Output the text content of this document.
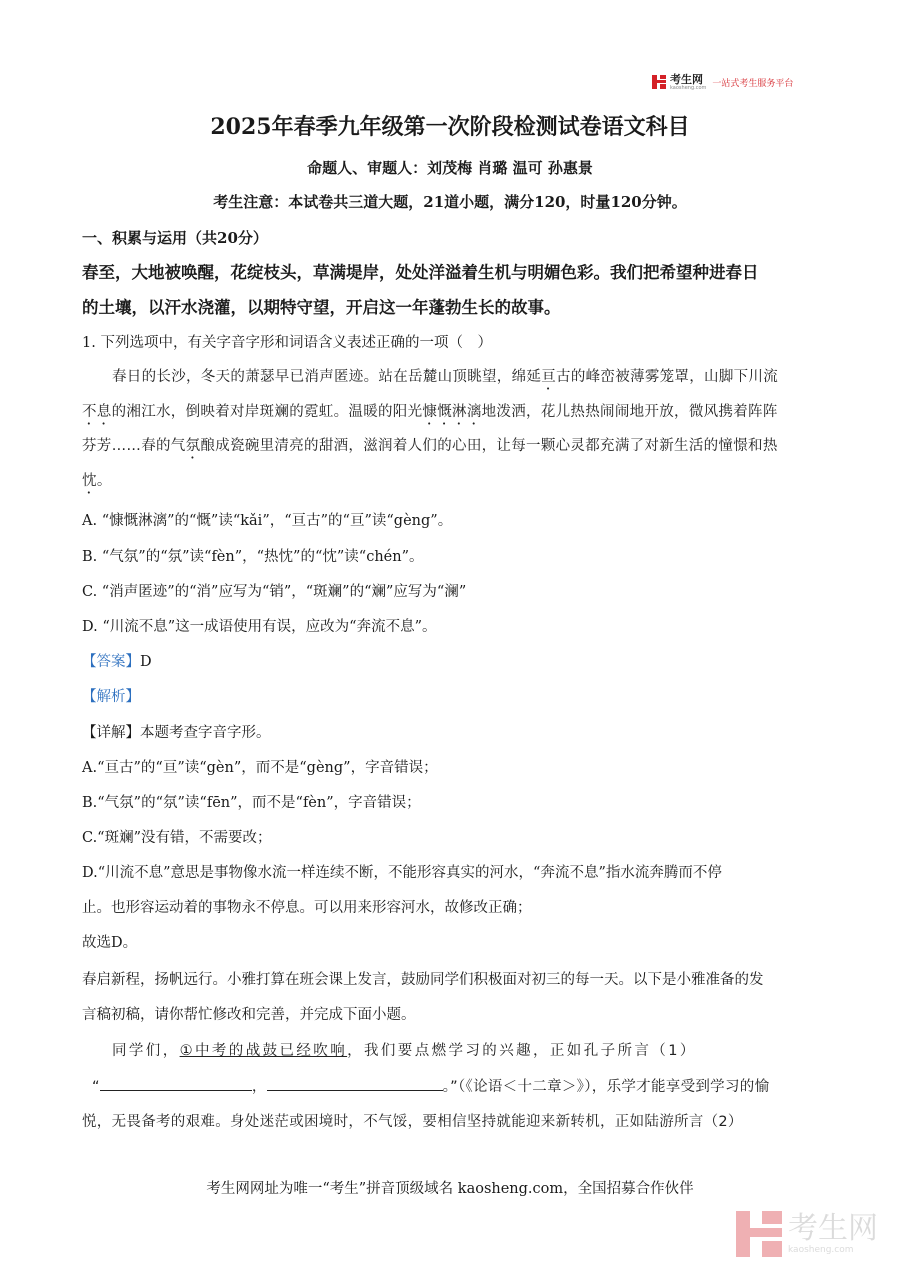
考生网
kaosheng.com 一站式考生服务平台
2025年春季九年级第一次阶段检测试卷语文科目
命题人、审题人：刘茂梅 肖璐 温可 孙惠景
考生注意：本试卷共三道大题，21道小题，满分120，时量120分钟。
一、积累与运用（共20分）
春至，大地被唤醒，花绽枝头，草满堤岸，处处洋溢着生机与明媚色彩。我们把希望种进春日
的土壤，以汗水浇灌，以期特守望，开启这一年蓬勃生长的故事。
1. 下列选项中，有关字音字形和词语含义表述正确的一项（　）
春日的长沙，冬天的萧瑟早已消声匿迹。站在岳麓山顶眺望，绵延亘古的峰峦被薄雾笼罩，山脚下川流
不息的湘江水，倒映着对岸斑斓的霓虹。温暖的阳光慷慨淋漓地泼洒，花儿热热闹闹地开放，微风携着阵阵
芬芳……春的气氛酿成瓷碗里清亮的甜酒，滋润着人们的心田，让每一颗心灵都充满了对新生活的憧憬和热
忱。
A. “慷慨淋漓”的“慨”读“kǎi”，“亘古”的“亘”读“gèng”。
B. “气氛”的“氛”读“fèn”，“热忱”的“忱”读“chén”。
C. “消声匿迹”的“消”应写为“销”，“斑斓”的“斓”应写为“澜”
D. “川流不息”这一成语使用有误，应改为“奔流不息”。
【答案】D
【解析】
【详解】本题考查字音字形。
A.“亘古”的“亘”读“gèn”，而不是“gèng”，字音错误；
B.“气氛”的“氛”读“fēn”，而不是“fèn”，字音错误；
C.“斑斓”没有错，不需要改；
D.“川流不息”意思是事物像水流一样连续不断，不能形容真实的河水，“奔流不息”指水流奔腾而不停
止。也形容运动着的事物永不停息。可以用来形容河水，故修改正确；
故选D。
春启新程，扬帆远行。小雅打算在班会课上发言，鼓励同学们积极面对初三的每一天。以下是小雅准备的发
言稿初稿，请你帮忙修改和完善，并完成下面小题。
同学们，①中考的战鼓已经吹响，我们要点燃学习的兴趣，正如孔子所言（1）
“	，	。”（《论语＜十二章＞》），乐学才能享受到学习的愉
悦，无畏备考的艰难。身处迷茫或困境时，不气馁，要相信坚持就能迎来新转机，正如陆游所言（2）
考生网网址为唯一“考生”拼音顶级域名 kaosheng.com，全国招募合作伙伴
考生网
kaosheng.com
